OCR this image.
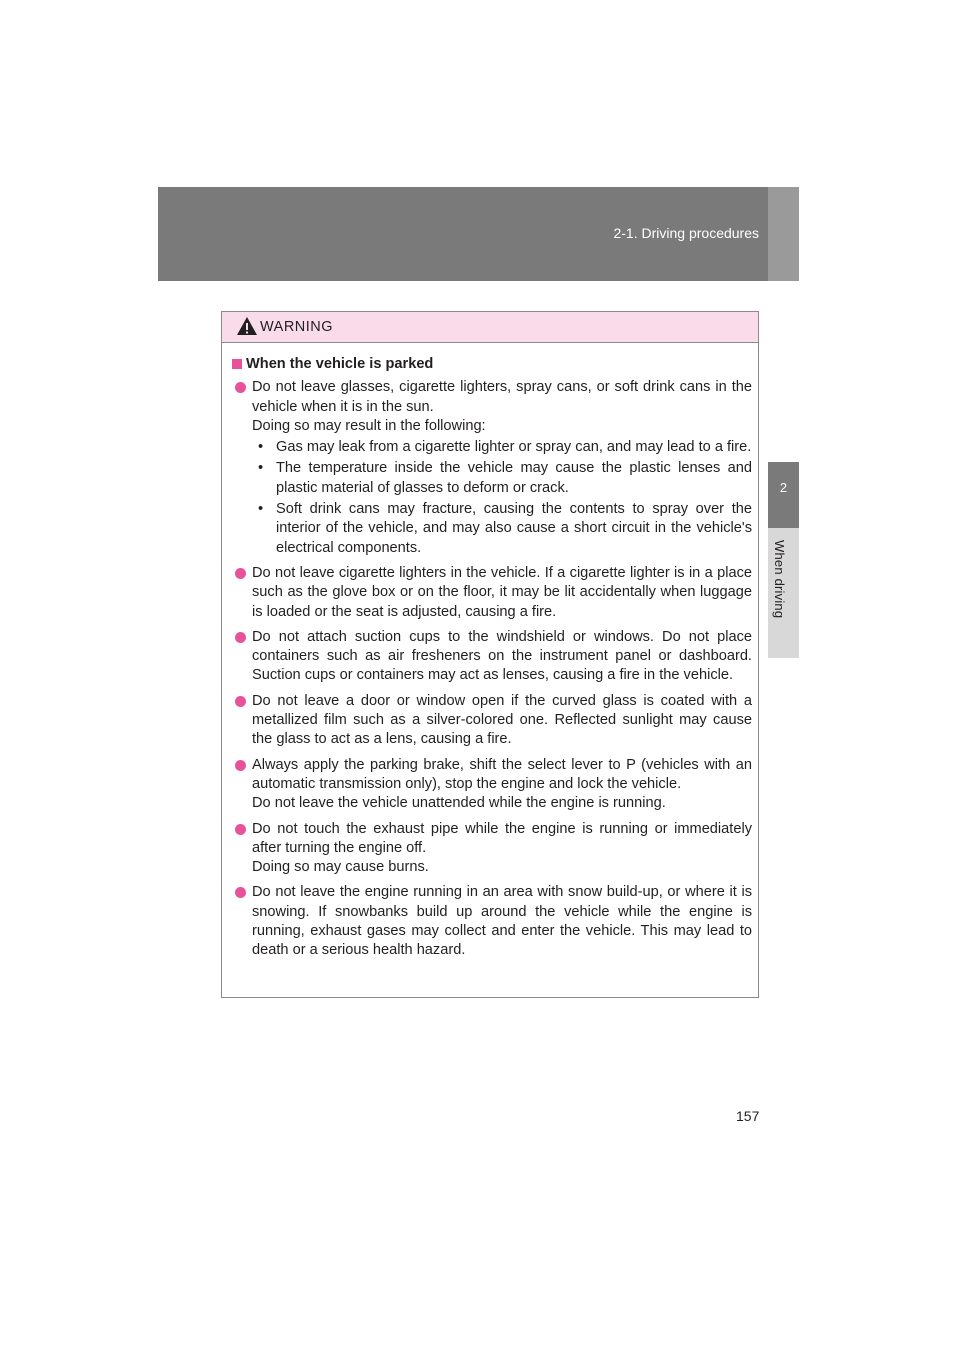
2-1. Driving procedures
2
When driving
WARNING
When the vehicle is parked
Do not leave glasses, cigarette lighters, spray cans, or soft drink cans in the vehicle when it is in the sun.
Doing so may result in the following:
• Gas may leak from a cigarette lighter or spray can, and may lead to a fire.
• The temperature inside the vehicle may cause the plastic lenses and plastic material of glasses to deform or crack.
• Soft drink cans may fracture, causing the contents to spray over the interior of the vehicle, and may also cause a short circuit in the vehicle's electrical components.
Do not leave cigarette lighters in the vehicle. If a cigarette lighter is in a place such as the glove box or on the floor, it may be lit accidentally when luggage is loaded or the seat is adjusted, causing a fire.
Do not attach suction cups to the windshield or windows. Do not place containers such as air fresheners on the instrument panel or dashboard. Suction cups or containers may act as lenses, causing a fire in the vehicle.
Do not leave a door or window open if the curved glass is coated with a metallized film such as a silver-colored one. Reflected sunlight may cause the glass to act as a lens, causing a fire.
Always apply the parking brake, shift the select lever to P (vehicles with an automatic transmission only), stop the engine and lock the vehicle.
Do not leave the vehicle unattended while the engine is running.
Do not touch the exhaust pipe while the engine is running or immediately after turning the engine off.
Doing so may cause burns.
Do not leave the engine running in an area with snow build-up, or where it is snowing. If snowbanks build up around the vehicle while the engine is running, exhaust gases may collect and enter the vehicle. This may lead to death or a serious health hazard.
157
